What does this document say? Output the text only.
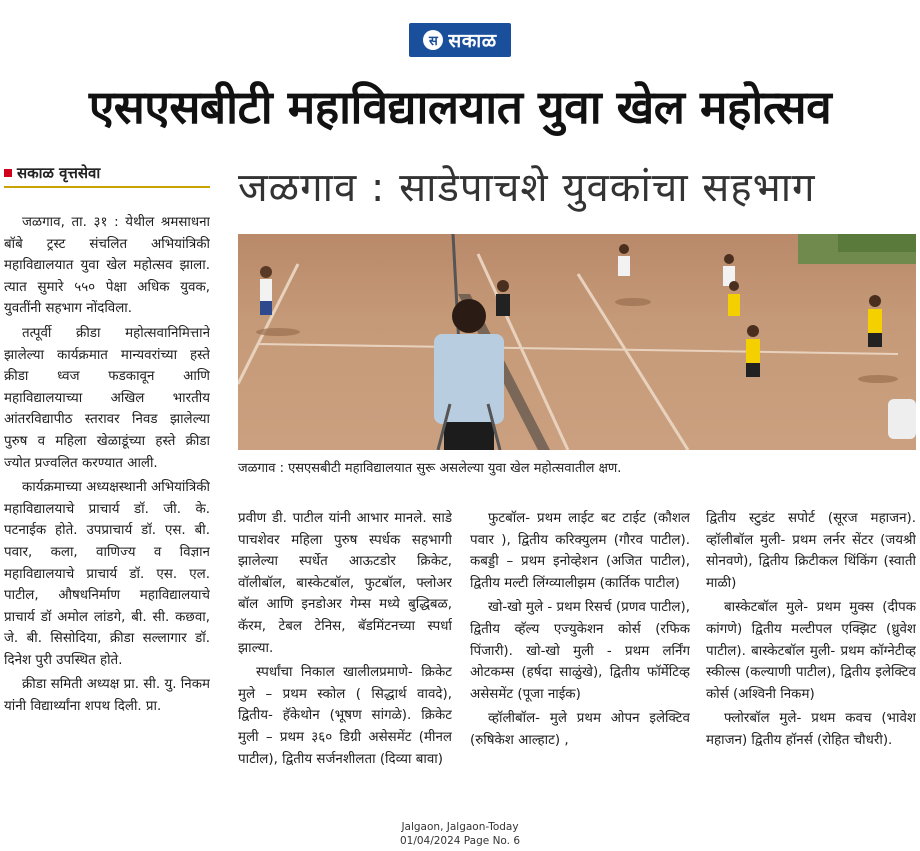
स सकाळ
एसएसबीटी महाविद्यालयात युवा खेल महोत्सव
सकाळ वृत्तसेवा	जळगाव : साडेपाचशे युवकांचा सहभाग
जळगाव : एसएसबीटी महाविद्यालयात सुरू असलेल्या युवा खेल महोत्सवातील क्षण.

जळगाव, ता. ३१ : येथील श्रमसाधना बॉबे ट्रस्ट संचलित अभियांत्रिकी महाविद्यालयात युवा खेल महोत्सव झाला. त्यात सुमारे ५५० पेक्षा अधिक युवक, युवतींनी सहभाग नोंदविला.

तत्पूर्वी क्रीडा महोत्सवानिमित्ताने झालेल्या कार्यक्रमात मान्यवरांच्या हस्ते क्रीडा ध्वज फडकावून आणि महाविद्यालयाच्या अखिल भारतीय आंतरविद्यापीठ स्तरावर निवड झालेल्या पुरुष व महिला खेळाडूंच्या हस्ते क्रीडा ज्योत प्रज्वलित करण्यात आली.

कार्यक्रमाच्या अध्यक्षस्थानी अभियांत्रिकी महाविद्यालयाचे प्राचार्य डॉ. जी. के. पटनाईक होते. उपप्राचार्य डॉ. एस. बी. पवार, कला, वाणिज्य व विज्ञान महाविद्यालयाचे प्राचार्य डॉ. एस. एल. पाटील, औषधनिर्माण महाविद्यालयाचे प्राचार्य डॉ अमोल लांडगे, बी. सी. कछवा, जे. बी. सिसोदिया, क्रीडा सल्लागार डॉ. दिनेश पुरी उपस्थित होते.

क्रीडा समिती अध्यक्ष प्रा. सी. यु. निकम यांनी विद्यार्थ्यांना शपथ दिली. प्रा.

प्रवीण डी. पाटील यांनी आभार मानले. साडे पाचशेवर महिला पुरुष स्पर्धक सहभागी झालेल्या स्पर्धेत आऊटडोर क्रिकेट, वॉलीबॉल, बास्केटबॉल, फुटबॉल, फ्लोअर बॉल आणि इनडोअर गेम्स मध्ये बुद्धिबळ, कॅरम, टेबल टेनिस, बॅडमिंटनच्या स्पर्धा झाल्या.

स्पर्धांचा निकाल खालीलप्रमाणे- क्रिकेट मुले – प्रथम स्कोल ( सिद्धार्थ वावदे), द्वितीय- हॅकेथोन (भूषण सांगळे). क्रिकेट मुली – प्रथम ३६० डिग्री असेसमेंट (मीनल पाटील), द्वितीय सर्जनशीलता (दिव्या बावा)

फुटबॉल- प्रथम लाईट बट टाईट (कौशल पवार ), द्वितीय करिक्युलम (गौरव पाटील). कबड्डी – प्रथम इनोव्हेशन (अजित पाटील), द्वितीय मल्टी लिंग्व्यालीझम (कार्तिक पाटील)

खो-खो मुले - प्रथम रिसर्च (प्रणव पाटील), द्वितीय व्हॅल्य एज्युकेशन कोर्स (रफिक पिंजारी). खो-खो मुली - प्रथम लर्निंग ओटकम्स (हर्षदा साळुंखे), द्वितीय फॉर्मेटिव्ह असेसमेंट (पूजा नाईक)

व्हॉलीबॉल- मुले प्रथम ओपन इलेक्टिव (रुषिकेश आल्हाट) ,

द्वितीय स्टुडंट सपोर्ट (सूरज महाजन). व्हॉलीबॉल मुली- प्रथम लर्नर सेंटर (जयश्री सोनवणे), द्वितीय क्रिटीकल थिंकिंग (स्वाती माळी)

बास्केटबॉल मुले- प्रथम मुक्स (दीपक कांगणे) द्वितीय मल्टीपल एक्झिट (ध्रुवेश पाटील). बास्केटबॉल मुली- प्रथम कॉग्नेटीव्ह स्कील्स (कल्याणी पाटील), द्वितीय इलेक्टिव कोर्स (अश्विनी निकम)

फ्लोरबॉल मुले- प्रथम कवच (भावेश महाजन) द्वितीय हॉनर्स (रोहित चौधरी).

Jalgaon, Jalgaon-Today
01/04/2024 Page No. 6
